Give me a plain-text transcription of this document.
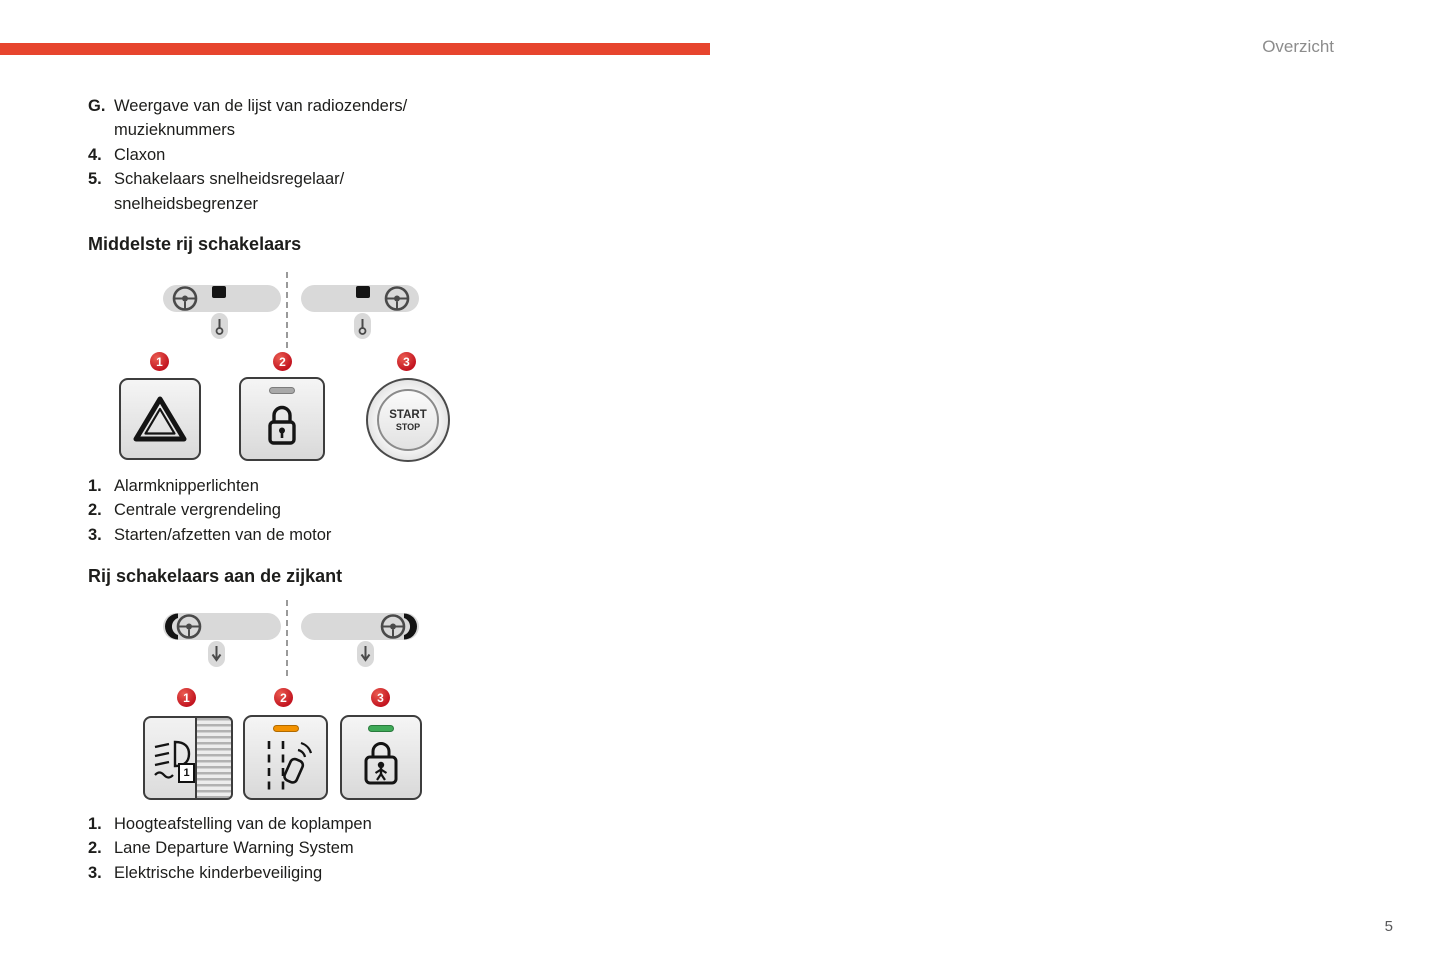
Overzicht
G. Weergave van de lijst van radiozenders/
muzieknummers
4. Claxon
5. Schakelaars snelheidsregelaar/
snelheidsbegrenzer
Middelste rij schakelaars
1	2	3
START
STOP
1. Alarmknipperlichten
2. Centrale vergrendeling
3. Starten/afzetten van de motor
Rij schakelaars aan de zijkant
1	2	3
1
1. Hoogteafstelling van de koplampen
2. Lane Departure Warning System
3. Elektrische kinderbeveiliging
5
